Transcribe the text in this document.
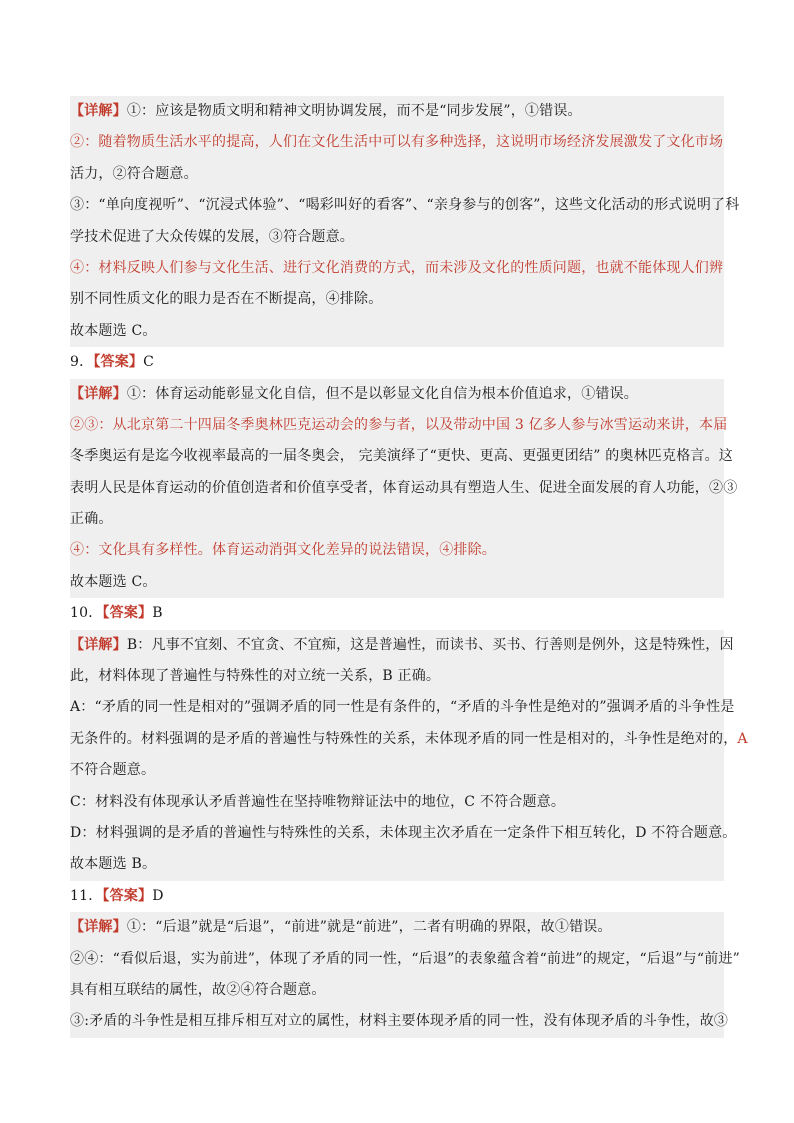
【详解】①：应该是物质文明和精神文明协调发展，而不是“同步发展”，①错误。
②：随着物质生活水平的提高，人们在文化生活中可以有多种选择，这说明市场经济发展激发了文化市场
活力，②符合题意。
③：“单向度视听”、“沉浸式体验”、“喝彩叫好的看客”、“亲身参与的创客”，这些文化活动的形式说明了科
学技术促进了大众传媒的发展，③符合题意。
④：材料反映人们参与文化生活、进行文化消费的方式，而未涉及文化的性质问题，也就不能体现人们辨
别不同性质文化的眼力是否在不断提高，④排除。
故本题选 C。
9．【答案】C
【详解】①：体育运动能彰显文化自信，但不是以彰显文化自信为根本价值追求，①错误。
②③：从北京第二十四届冬季奥林匹克运动会的参与者，以及带动中国 3 亿多人参与冰雪运动来讲，本届
冬季奥运有是迄今收视率最高的一届冬奥会， 完美演绎了“更快、更高、更强更团结” 的奥林匹克格言。这
表明人民是体育运动的价值创造者和价值享受者，体育运动具有塑造人生、促进全面发展的育人功能，②③
正确。
④：文化具有多样性。体育运动消弭文化差异的说法错误，④排除。
故本题选 C。
10．【答案】B
【详解】B：凡事不宜刻、不宜贪、不宜痴，这是普遍性，而读书、买书、行善则是例外，这是特殊性，因
此，材料体现了普遍性与特殊性的对立统一关系，B 正确。
A：“矛盾的同一性是相对的”强调矛盾的同一性是有条件的，“矛盾的斗争性是绝对的”强调矛盾的斗争性是
无条件的。材料强调的是矛盾的普遍性与特殊性的关系，未体现矛盾的同一性是相对的，斗争性是绝对的，A
不符合题意。
C：材料没有体现承认矛盾普遍性在坚持唯物辩证法中的地位，C 不符合题意。
D：材料强调的是矛盾的普遍性与特殊性的关系，未体现主次矛盾在一定条件下相互转化，D 不符合题意。
故本题选 B。
11．【答案】D
【详解】①：“后退”就是“后退”，“前进”就是“前进”，二者有明确的界限，故①错误。
②④：“看似后退，实为前进”，体现了矛盾的同一性，“后退”的表象蕴含着“前进”的规定，“后退”与“前进”
具有相互联结的属性，故②④符合题意。
③:矛盾的斗争性是相互排斥相互对立的属性，材料主要体现矛盾的同一性，没有体现矛盾的斗争性，故③
